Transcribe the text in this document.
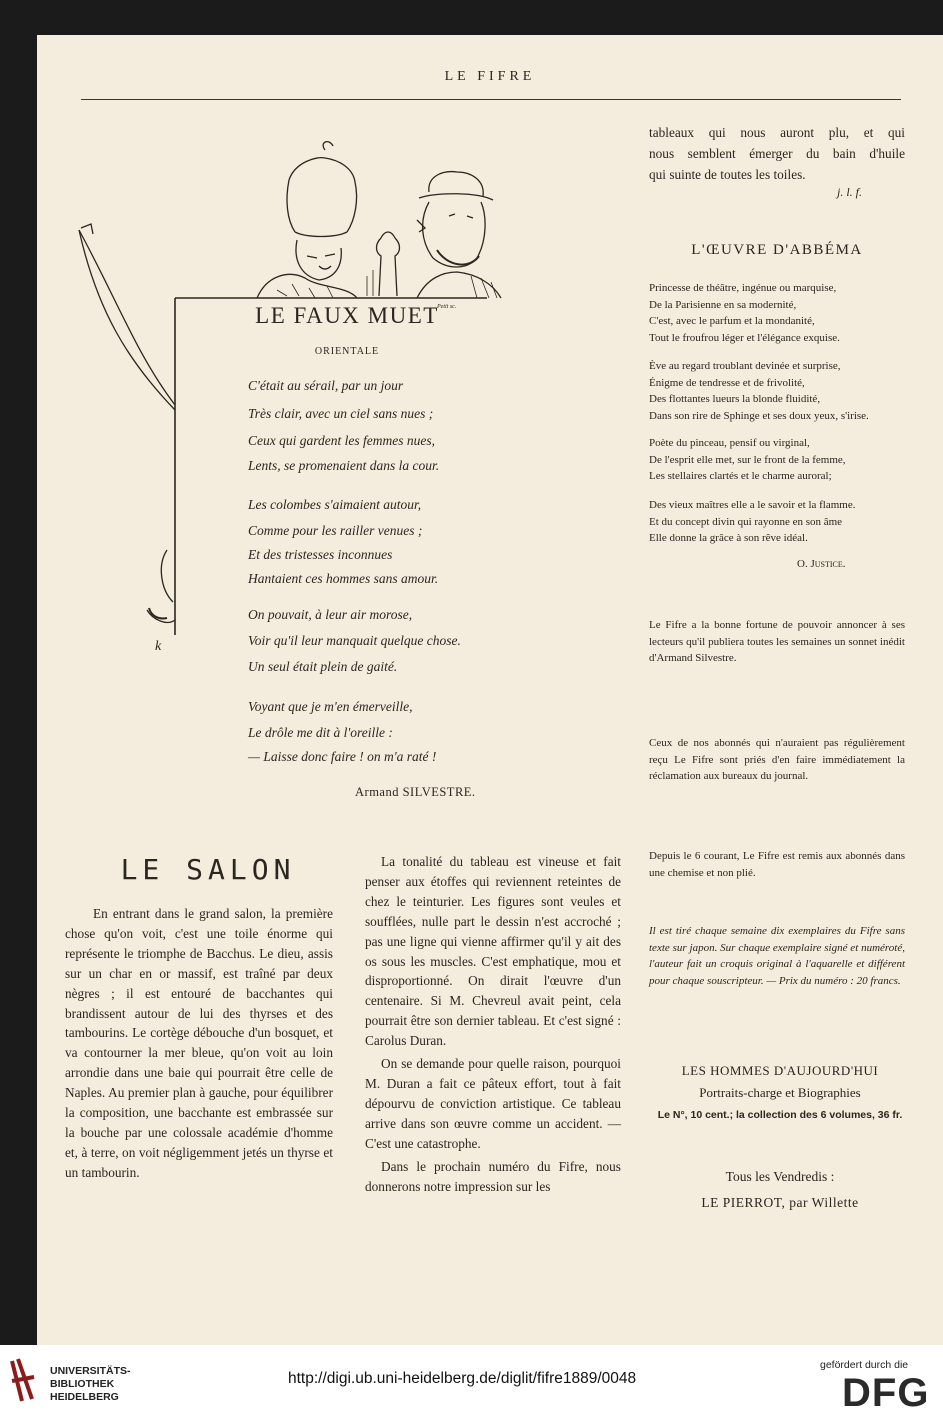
LE FIFRE
Petit sc.
k
LE FAUX MUET
ORIENTALE
C'était au sérail, par un jour
Très clair, avec un ciel sans nues ;
Ceux qui gardent les femmes nues,
Lents, se promenaient dans la cour.
Les colombes s'aimaient autour,
Comme pour les railler venues ;
Et des tristesses inconnues
Hantaient ces hommes sans amour.
On pouvait, à leur air morose,
Voir qu'il leur manquait quelque chose.
Un seul était plein de gaité.
Voyant que je m'en émerveille,
Le drôle me dit à l'oreille :
— Laisse donc faire ! on m'a raté !
Armand SILVESTRE.
tableaux qui nous auront plu, et qui
nous semblent émerger du bain d'huile
qui suinte de toutes les toiles.
j. l. f.
L'ŒUVRE D'ABBÉMA
Princesse de théâtre, ingénue ou marquise,
De la Parisienne en sa modernité,
C'est, avec le parfum et la mondanité,
Tout le froufrou léger et l'élégance exquise.
Ève au regard troublant devinée et surprise,
Énigme de tendresse et de frivolité,
Des flottantes lueurs la blonde fluidité,
Dans son rire de Sphinge et ses doux yeux, s'irise.
Poète du pinceau, pensif ou virginal,
De l'esprit elle met, sur le front de la femme,
Les stellaires clartés et le charme auroral;
Des vieux maîtres elle a le savoir et la flamme.
Et du concept divin qui rayonne en son âme
Elle donne la grâce à son rêve idéal.
O. Justice.
Le Fifre a la bonne fortune de pouvoir annoncer à ses lecteurs qu'il publiera toutes les semaines un sonnet inédit d'Armand Silvestre.
Ceux de nos abonnés qui n'auraient pas régulièrement reçu Le Fifre sont priés d'en faire immédiatement la réclamation aux bureaux du journal.
Depuis le 6 courant, Le Fifre est remis aux abonnés dans une chemise et non plié.
Il est tiré chaque semaine dix exemplaires du Fifre sans texte sur japon. Sur chaque exemplaire signé et numéroté, l'auteur fait un croquis original à l'aquarelle et différent pour chaque souscripteur. — Prix du numéro : 20 francs.
LES HOMMES D'AUJOURD'HUI
Portraits-charge et Biographies
Le N°, 10 cent.; la collection des 6 volumes, 36 fr.
Tous les Vendredis :
LE PIERROT, par Willette
LE SALON
En entrant dans le grand salon, la première chose qu'on voit, c'est une toile énorme qui représente le triomphe de Bacchus. Le dieu, assis sur un char en or massif, est traîné par deux nègres ; il est entouré de bacchantes qui brandissent autour de lui des thyrses et des tambourins. Le cortège débouche d'un bosquet, et va contourner la mer bleue, qu'on voit au loin arrondie dans une baie qui pourrait être celle de Naples. Au premier plan à gauche, pour équilibrer la composition, une bacchante est embrassée sur la bouche par une colossale académie d'homme et, à terre, on voit négligemment jetés un thyrse et un tambourin.
La tonalité du tableau est vineuse et fait penser aux étoffes qui reviennent reteintes de chez le teinturier. Les figures sont veules et soufflées, nulle part le dessin n'est accroché ; pas une ligne qui vienne affirmer qu'il y ait des os sous les muscles. C'est emphatique, mou et disproportionné. On dirait l'œuvre d'un centenaire. Si M. Chevreul avait peint, cela pourrait être son dernier tableau. Et c'est signé : Carolus Duran.
On se demande pour quelle raison, pourquoi M. Duran a fait ce pâteux effort, tout à fait dépourvu de conviction artistique. Ce tableau arrive dans son œuvre comme un accident. — C'est une catastrophe.
Dans le prochain numéro du Fifre, nous donnerons notre impression sur les
UNIVERSITÄTS-
BIBLIOTHEK
HEIDELBERG
http://digi.ub.uni-heidelberg.de/diglit/fifre1889/0048
gefördert durch die
DFG
